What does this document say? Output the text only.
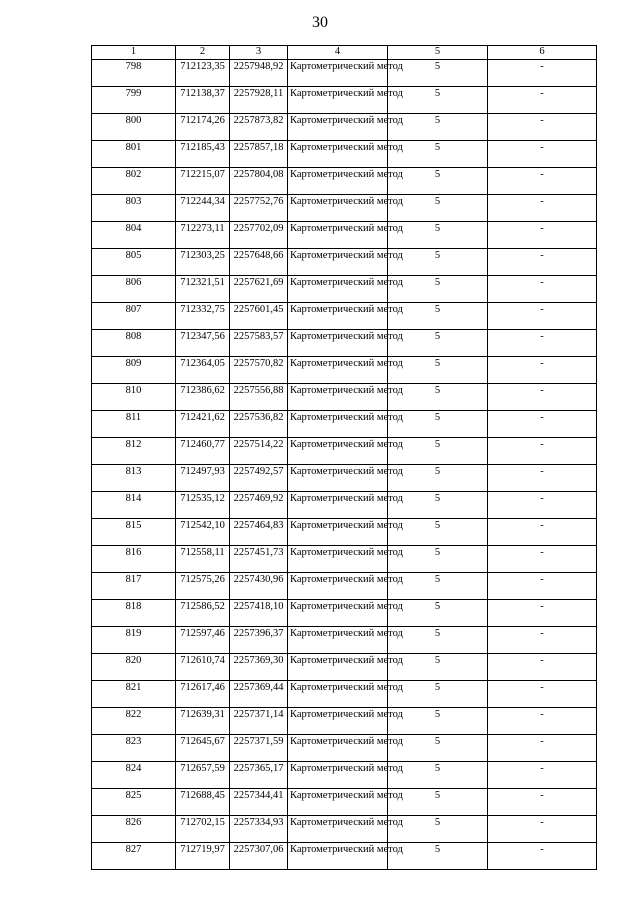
30
1	2	3	4	5	6
798	712123,35	2257948,92	Картометрический метод	5	-
799	712138,37	2257928,11	Картометрический метод	5	-
800	712174,26	2257873,82	Картометрический метод	5	-
801	712185,43	2257857,18	Картометрический метод	5	-
802	712215,07	2257804,08	Картометрический метод	5	-
803	712244,34	2257752,76	Картометрический метод	5	-
804	712273,11	2257702,09	Картометрический метод	5	-
805	712303,25	2257648,66	Картометрический метод	5	-
806	712321,51	2257621,69	Картометрический метод	5	-
807	712332,75	2257601,45	Картометрический метод	5	-
808	712347,56	2257583,57	Картометрический метод	5	-
809	712364,05	2257570,82	Картометрический метод	5	-
810	712386,62	2257556,88	Картометрический метод	5	-
811	712421,62	2257536,82	Картометрический метод	5	-
812	712460,77	2257514,22	Картометрический метод	5	-
813	712497,93	2257492,57	Картометрический метод	5	-
814	712535,12	2257469,92	Картометрический метод	5	-
815	712542,10	2257464,83	Картометрический метод	5	-
816	712558,11	2257451,73	Картометрический метод	5	-
817	712575,26	2257430,96	Картометрический метод	5	-
818	712586,52	2257418,10	Картометрический метод	5	-
819	712597,46	2257396,37	Картометрический метод	5	-
820	712610,74	2257369,30	Картометрический метод	5	-
821	712617,46	2257369,44	Картометрический метод	5	-
822	712639,31	2257371,14	Картометрический метод	5	-
823	712645,67	2257371,59	Картометрический метод	5	-
824	712657,59	2257365,17	Картометрический метод	5	-
825	712688,45	2257344,41	Картометрический метод	5	-
826	712702,15	2257334,93	Картометрический метод	5	-
827	712719,97	2257307,06	Картометрический метод	5	-
